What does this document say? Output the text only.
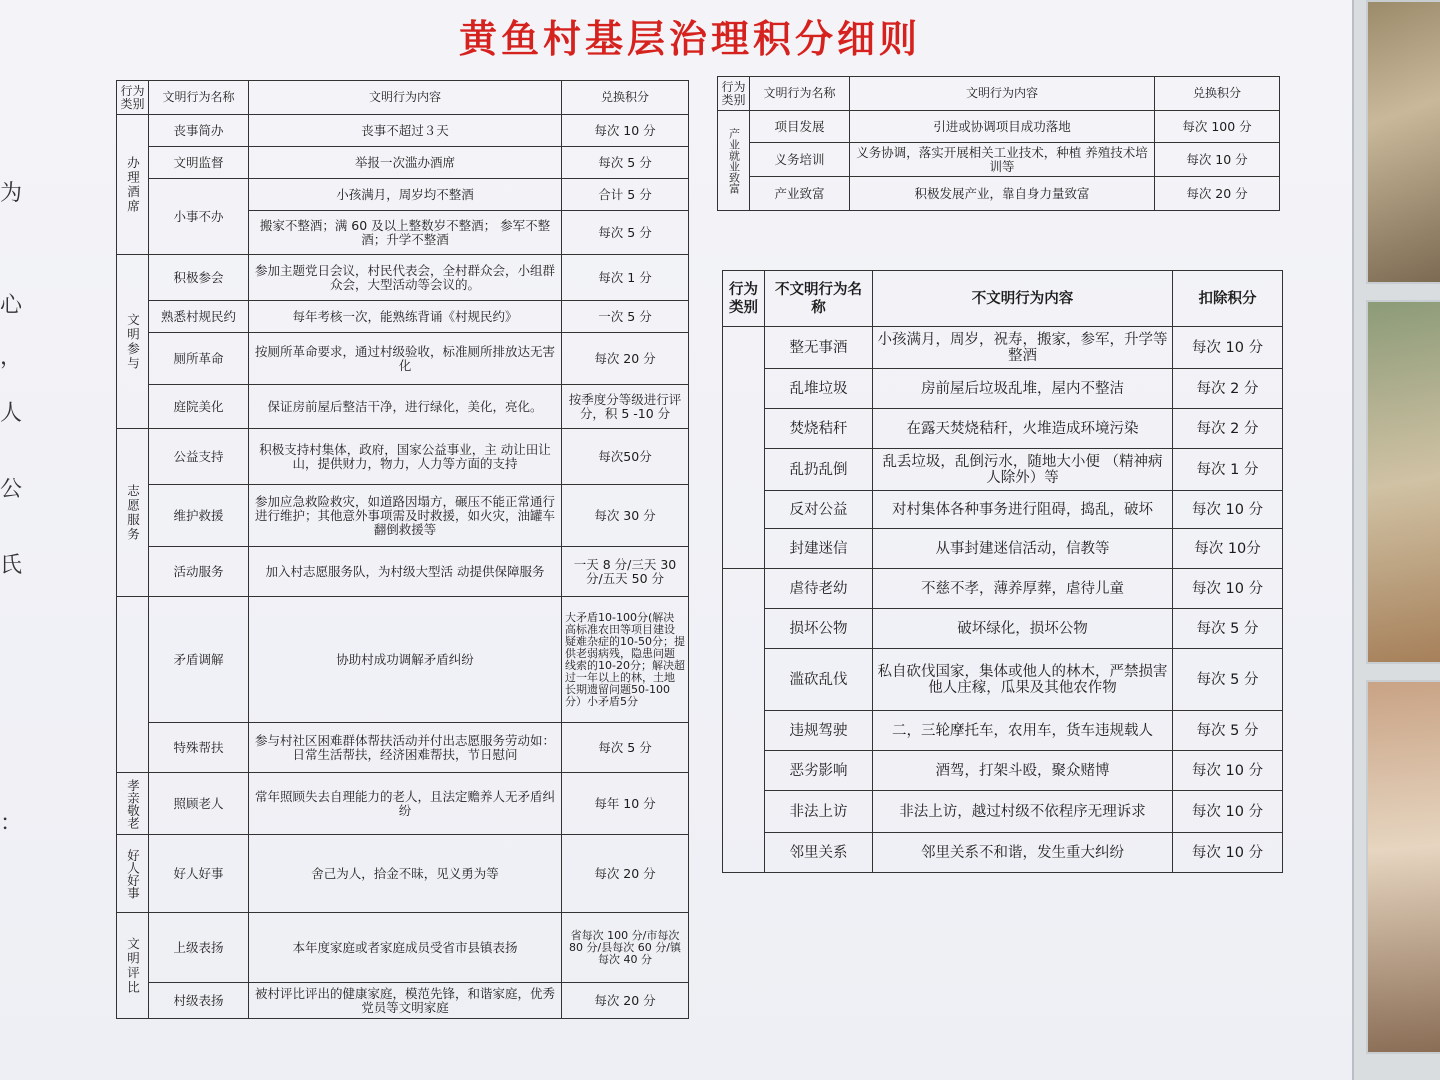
黄鱼村基层治理积分细则
为
心
，
人
公
氏
：
行为类别	文明行为名称	文明行为内容	兑换积分
办理酒席	丧事简办	丧事不超过３天	每次 10 分
	文明监督	举报一次滥办酒席	每次 5 分
	小事不办	小孩满月，周岁均不整酒	合计 5 分
		搬家不整酒；满 60 及以上整数岁不整酒； 参军不整酒；升学不整酒	每次 5 分
文明参与	积极参会	参加主题党日会议，村民代表会，全村群众会，小组群众会，大型活动等会议的。	每次 1 分
	熟悉村规民约	每年考核一次，能熟练背诵《村规民约》	一次 5 分
	厕所革命	按厕所革命要求，通过村级验收，标准厕所排放达无害化	每次 20 分
	庭院美化	保证房前屋后整洁干净，进行绿化，美化，亮化。	按季度分等级进行评分，积 5 -10 分
志愿服务	公益支持	积极支持村集体，政府，国家公益事业，主 动让田让山，提供财力，物力，人力等方面的支持	每次50分
	维护救援	参加应急救险救灾，如道路因塌方，碾压不能正常通行进行维护；其他意外事项需及时救援，如火灾，油罐车翻倒救援等	每次 30 分
	活动服务	加入村志愿服务队，为村级大型活 动提供保障服务	一天 8 分/三天 30 分/五天 50 分
	矛盾调解	协助村成功调解矛盾纠纷	大矛盾10-100分(解决高标准农田等项目建设疑难杂症的10-50分；提供老弱病残，隐患问题线索的10-20分；解决超过一年以上的林，土地长期遗留问题50-100分）小矛盾5分
	特殊帮扶	参与村社区困难群体帮扶活动并付出志愿服务劳动如：日常生活帮扶，经济困难帮扶，节日慰问	每次 5 分
孝亲敬老	照顾老人	常年照顾失去自理能力的老人，且法定赡养人无矛盾纠纷	每年 10 分
好人好事	好人好事	舍己为人，拾金不昧，见义勇为等	每次 20 分
文明评比	上级表扬	本年度家庭或者家庭成员受省市县镇表扬	省每次 100 分/市每次 80 分/县每次 60 分/镇每次 40 分
	村级表扬	被村评比评出的健康家庭，模范先锋，和谐家庭，优秀党员等文明家庭	每次 20 分
行为类别	文明行为名称	文明行为内容	兑换积分
产业就业致富	项目发展	引进或协调项目成功落地	每次 100 分
	义务培训	义务协调，落实开展相关工业技术，种植 养殖技术培训等	每次 10 分
	产业致富	积极发展产业，靠自身力量致富	每次 20 分
行为类别	不文明行为名称	不文明行为内容	扣除积分
	整无事酒	小孩满月，周岁，祝寿，搬家，参军，升学等整酒	每次 10 分
	乱堆垃圾	房前屋后垃圾乱堆，屋内不整洁	每次 2 分
	焚烧秸秆	在露天焚烧秸秆，火堆造成环境污染	每次 2 分
	乱扔乱倒	乱丢垃圾，乱倒污水，随地大小便 （精神病人除外）等	每次 1 分
	反对公益	对村集体各种事务进行阻碍，捣乱，破坏	每次 10 分
	封建迷信	从事封建迷信活动，信教等	每次 10分
	虐待老幼	不慈不孝，薄养厚葬，虐待儿童	每次 10 分
	损坏公物	破坏绿化，损坏公物	每次 5 分
	滥砍乱伐	私自砍伐国家，集体或他人的林木，严禁损害他人庄稼，瓜果及其他农作物	每次 5 分
	违规驾驶	二，三轮摩托车，农用车，货车违规载人	每次 5 分
	恶劣影响	酒驾，打架斗殴，聚众赌博	每次 10 分
	非法上访	非法上访，越过村级不依程序无理诉求	每次 10 分
	邻里关系	邻里关系不和谐，发生重大纠纷	每次 10 分
